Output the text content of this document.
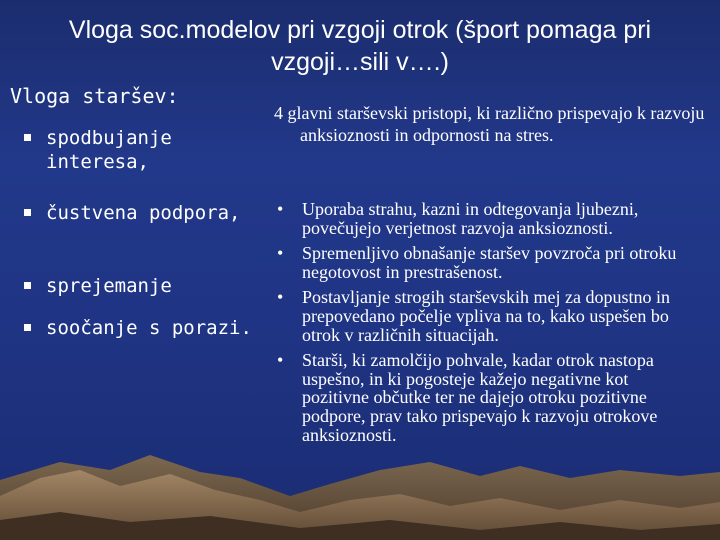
Vloga soc.modelov pri vzgoji otrok (šport pomaga pri vzgoji…sili v….)
Vloga staršev:
spodbujanje interesa,
čustvena podpora,
sprejemanje
soočanje s porazi.
4 glavni starševski pristopi, ki različno prispevajo k razvoju anksioznosti in odpornosti na stres.
• Uporaba strahu, kazni in odtegovanja ljubezni, povečujejo verjetnost razvoja anksioznosti.
• Spremenljivo obnašanje staršev povzroča pri otroku negotovost in prestrašenost.
• Postavljanje strogih starševskih mej za dopustno in prepovedano počelje vpliva na to, kako uspešen bo otrok v različnih situacijah.
• Starši, ki zamolčijo pohvale, kadar otrok nastopa uspešno, in ki pogosteje kažejo negativne kot pozitivne občutke ter ne dajejo otroku pozitivne podpore, prav tako prispevajo k razvoju otrokove anksioznosti.
